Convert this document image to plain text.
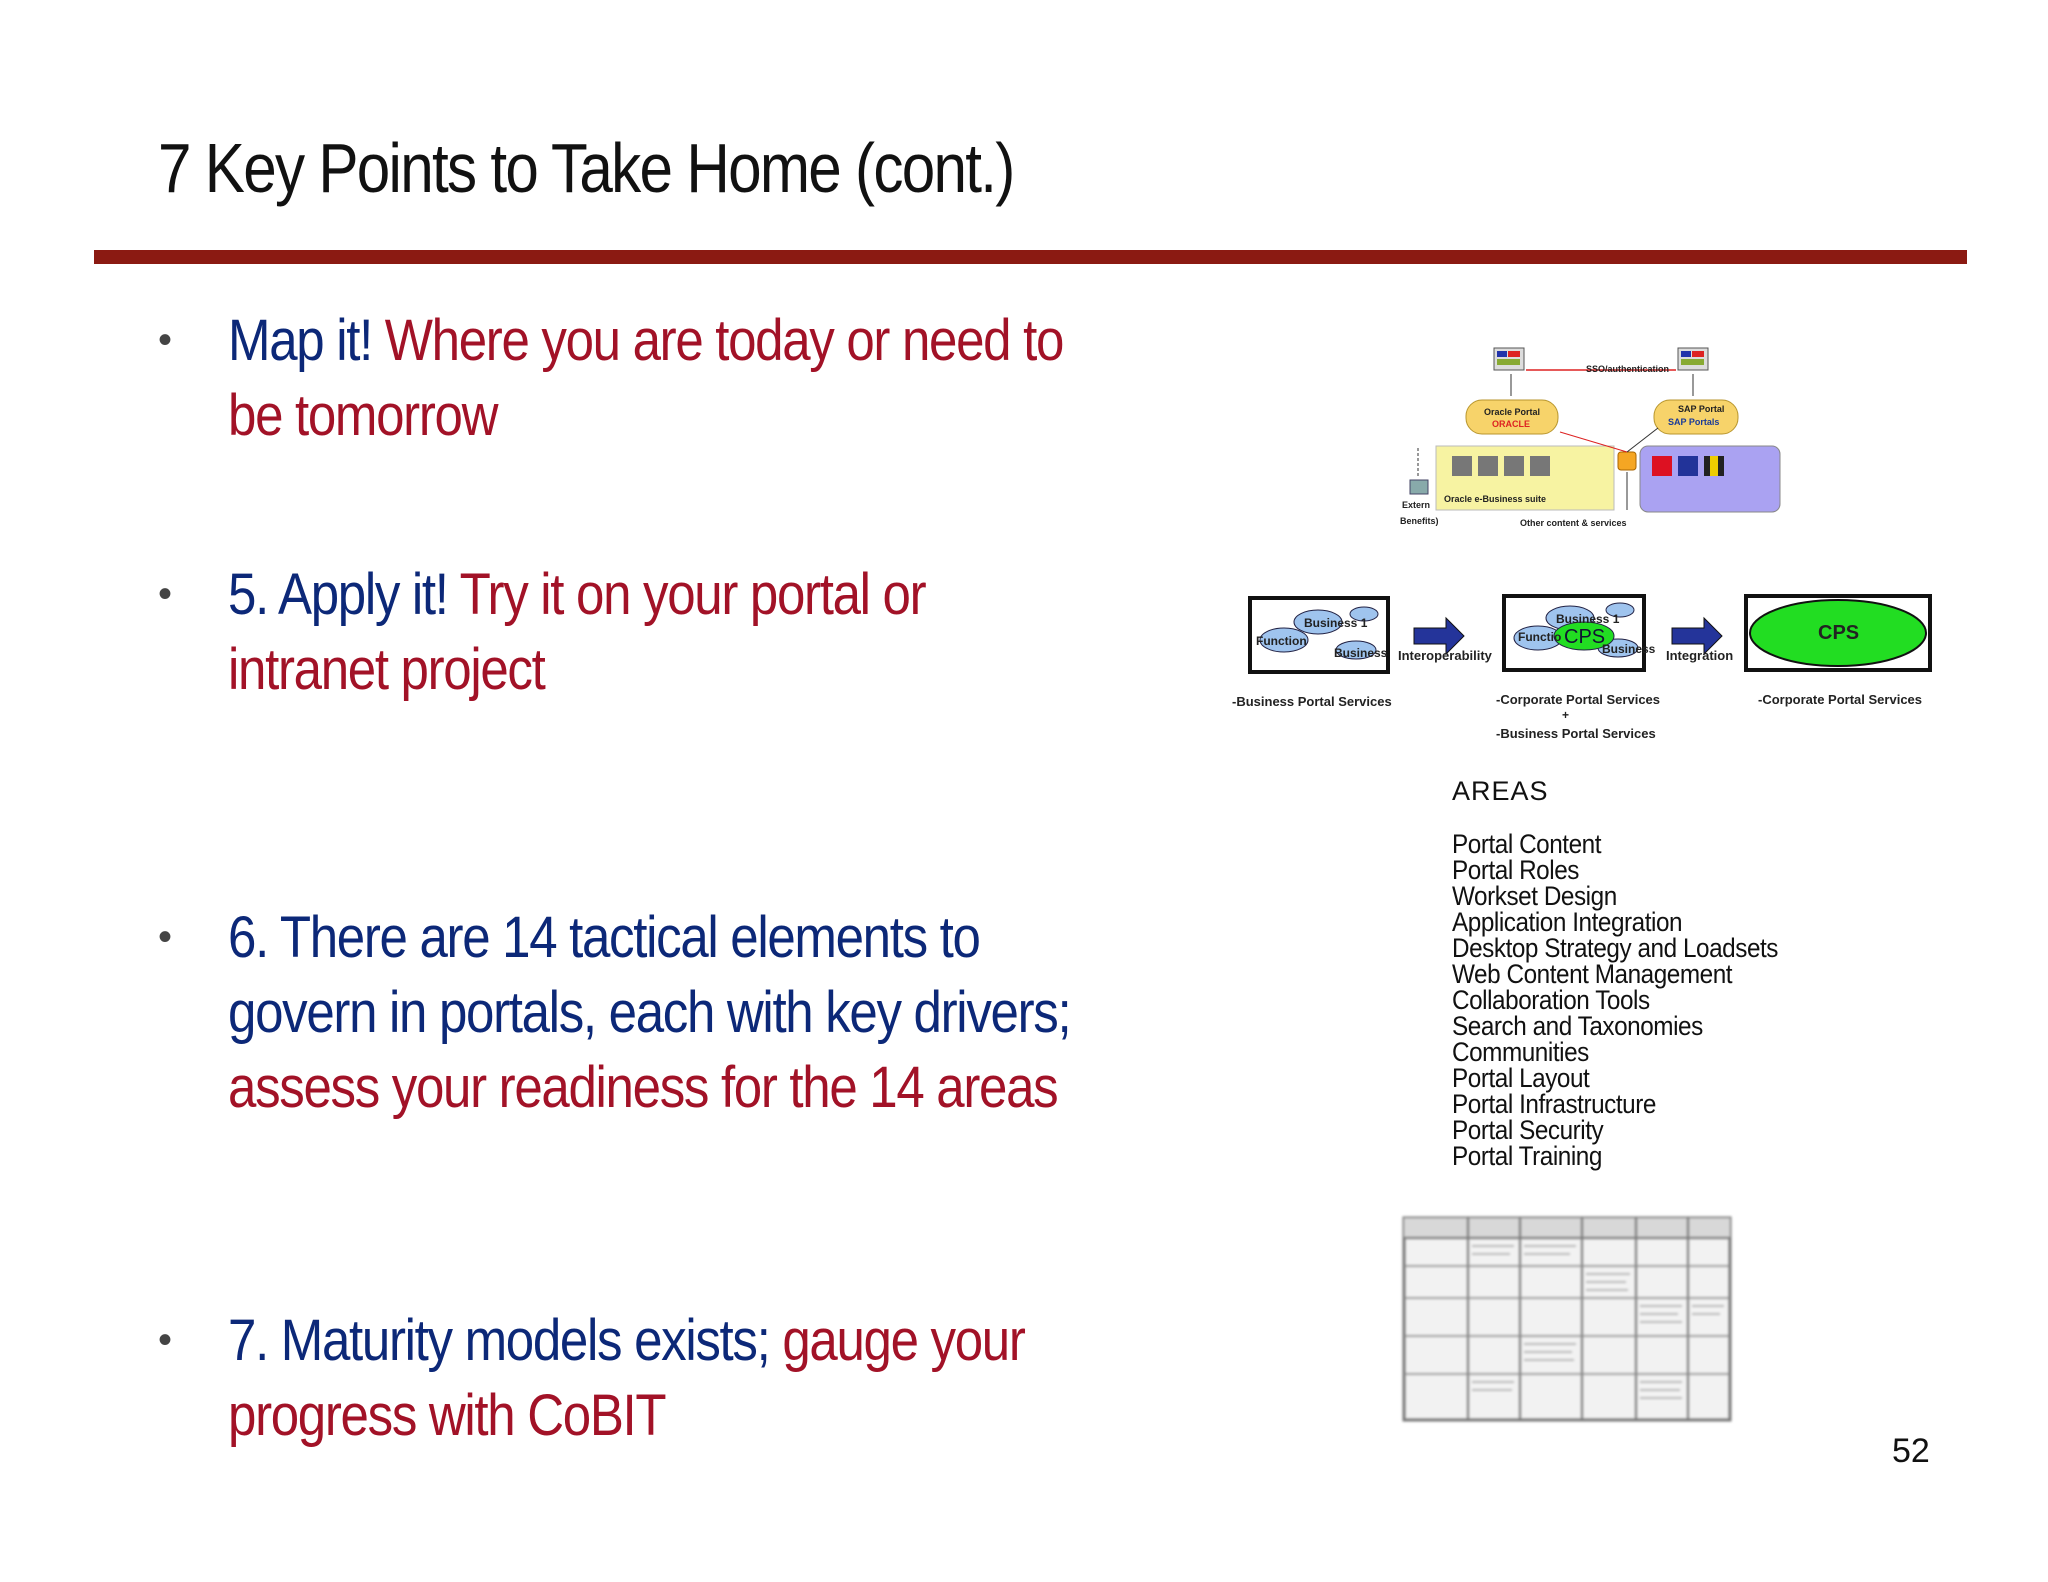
7 Key Points to Take Home (cont.)
• Map it! Where you are today or need to be tomorrow
• 5. Apply it! Try it on your portal or intranet project
• 6. There are 14 tactical elements to govern in portals, each with key drivers; assess your readiness for the 14 areas
• 7. Maturity models exists; gauge your progress with CoBIT
SSO/authentication
Oracle Portal
ORACLE
SAP Portal
SAP Portals
Oracle e-Business suite
Extern
Benefits)	Other content & services
Business 1
Function
Business Interoperability
Business 1
Functio CPS
Business Integration
CPS
-Business Portal Services	-Corporate Portal Services
+
-Business Portal Services
-Corporate Portal Services
AREAS
Portal Content
Portal Roles
Workset Design
Application Integration
Desktop Strategy and Loadsets
Web Content Management
Collaboration Tools
Search and Taxonomies
Communities
Portal Layout
Portal Infrastructure
Portal Security
Portal Training
52
